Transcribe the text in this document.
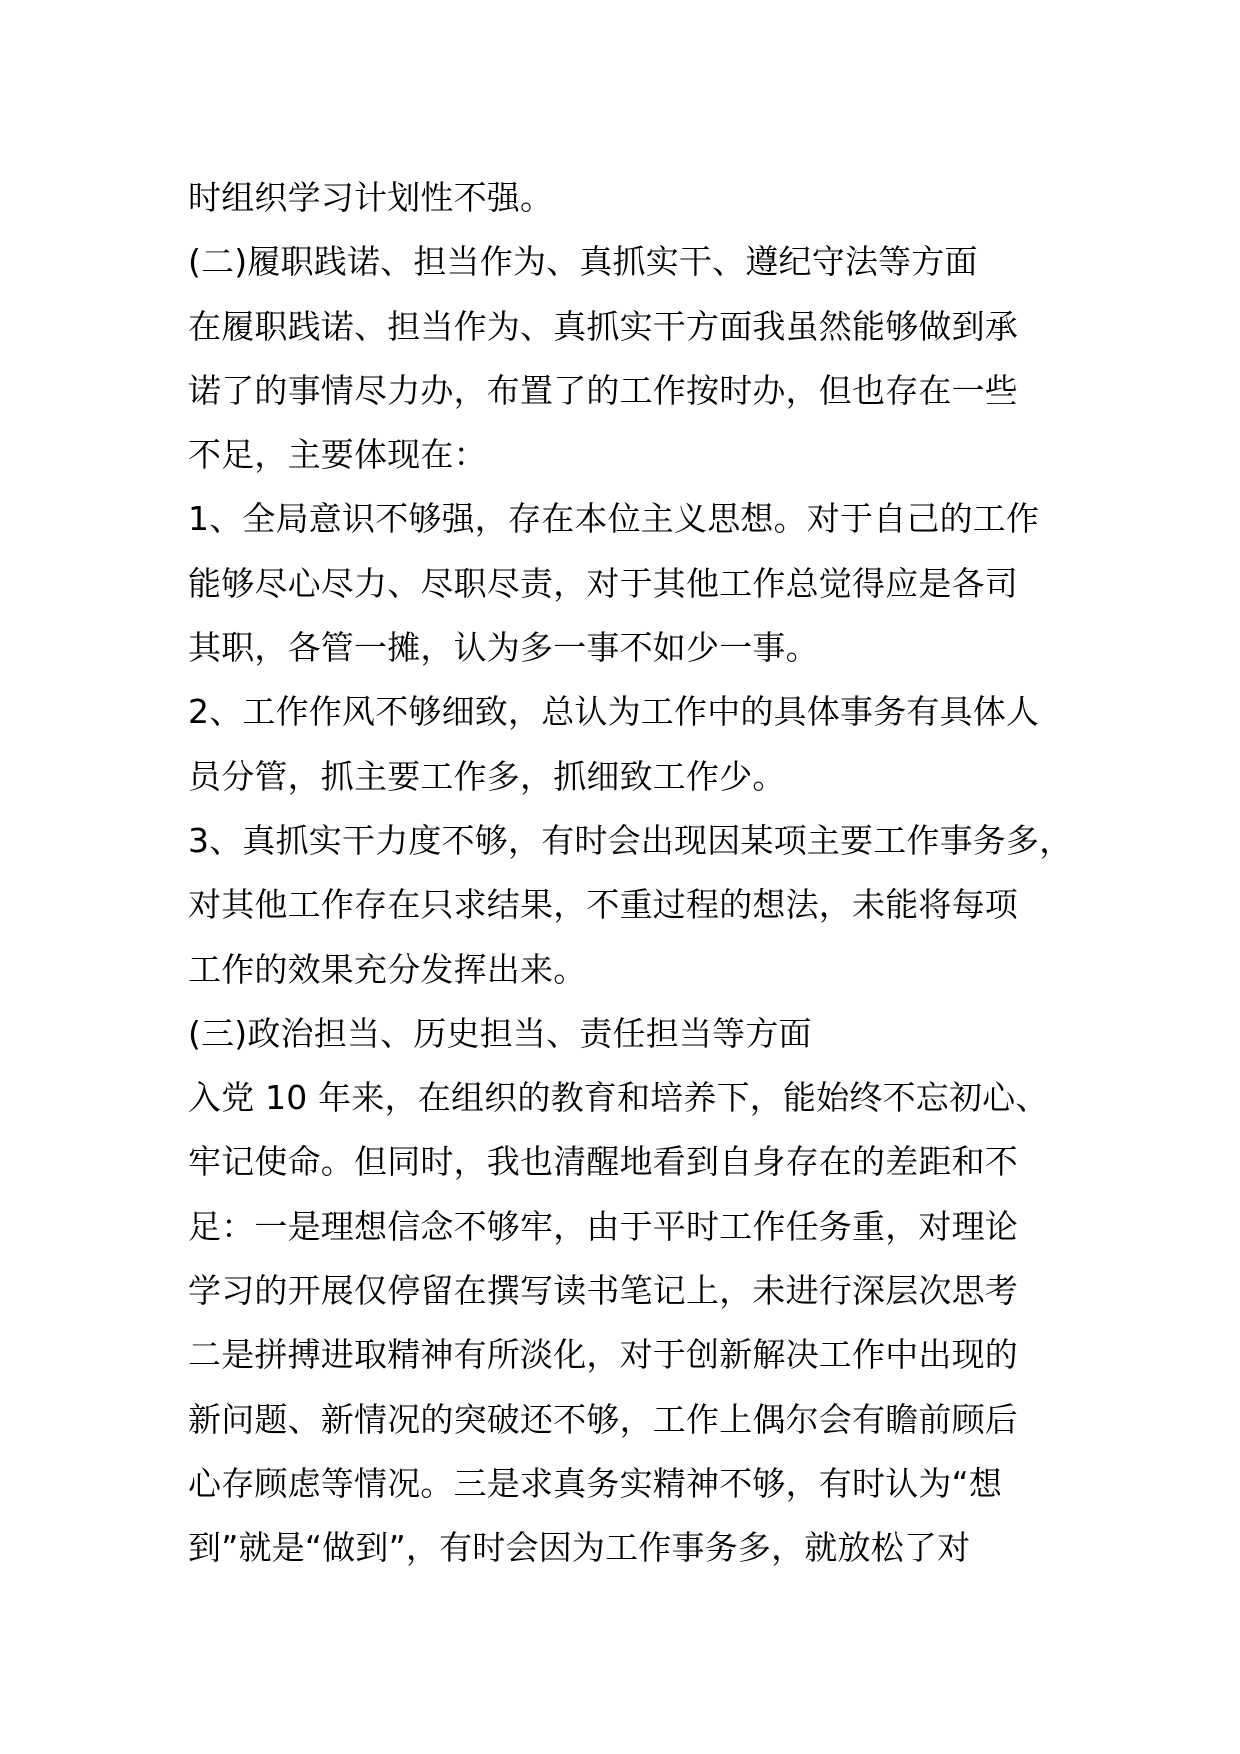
时组织学习计划性不强。
(二)履职践诺、担当作为、真抓实干、遵纪守法等方面
在履职践诺、担当作为、真抓实干方面我虽然能够做到承
诺了的事情尽力办，布置了的工作按时办，但也存在一些
不足，主要体现在：
1、全局意识不够强，存在本位主义思想。对于自己的工作
能够尽心尽力、尽职尽责，对于其他工作总觉得应是各司
其职，各管一摊，认为多一事不如少一事。
2、工作作风不够细致，总认为工作中的具体事务有具体人
员分管，抓主要工作多，抓细致工作少。
3、真抓实干力度不够，有时会出现因某项主要工作事务多，
对其他工作存在只求结果，不重过程的想法，未能将每项
工作的效果充分发挥出来。
(三)政治担当、历史担当、责任担当等方面
入党 10 年来，在组织的教育和培养下，能始终不忘初心、
牢记使命。但同时，我也清醒地看到自身存在的差距和不
足：一是理想信念不够牢，由于平时工作任务重，对理论
学习的开展仅停留在撰写读书笔记上，未进行深层次思考
二是拼搏进取精神有所淡化，对于创新解决工作中出现的
新问题、新情况的突破还不够，工作上偶尔会有瞻前顾后
心存顾虑等情况。三是求真务实精神不够，有时认为“想
到”就是“做到”，有时会因为工作事务多，就放松了对
